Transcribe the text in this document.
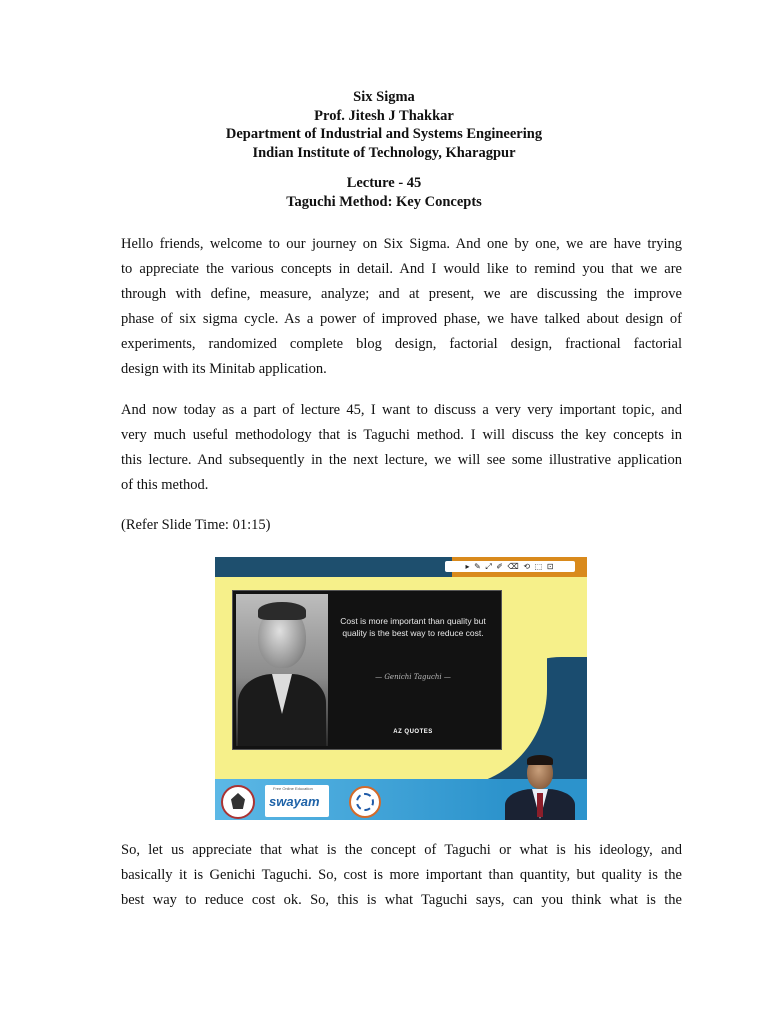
Six Sigma
Prof. Jitesh J Thakkar
Department of Industrial and Systems Engineering
Indian Institute of Technology, Kharagpur
Lecture - 45
Taguchi Method: Key Concepts

Hello friends, welcome to our journey on Six Sigma. And one by one, we are have trying
to appreciate the various concepts in detail. And I would like to remind you that we are
through with define, measure, analyze; and at present, we are discussing the improve
phase of six sigma cycle. As a power of improved phase, we have talked about design of
experiments, randomized complete blog design, factorial design, fractional factorial
design with its Minitab application.

And now today as a part of lecture 45, I want to discuss a very very important topic, and
very much useful methodology that is Taguchi method. I will discuss the key concepts in
this lecture. And subsequently in the next lecture, we will see some illustrative application
of this method.

(Refer Slide Time: 01:15)
▸ ✎ ⤢ ✐ ⌫ ⟲ ⬚ ⊡
Cost is more important than quality but quality is the best way to reduce cost.
— Genichi Taguchi —
AZ QUOTES
Free Online Education
swayam

So, let us appreciate that what is the concept of Taguchi or what is his ideology, and
basically it is Genichi Taguchi. So, cost is more important than quantity, but quality is the
best way to reduce cost ok. So, this is what Taguchi says, can you think what is the
